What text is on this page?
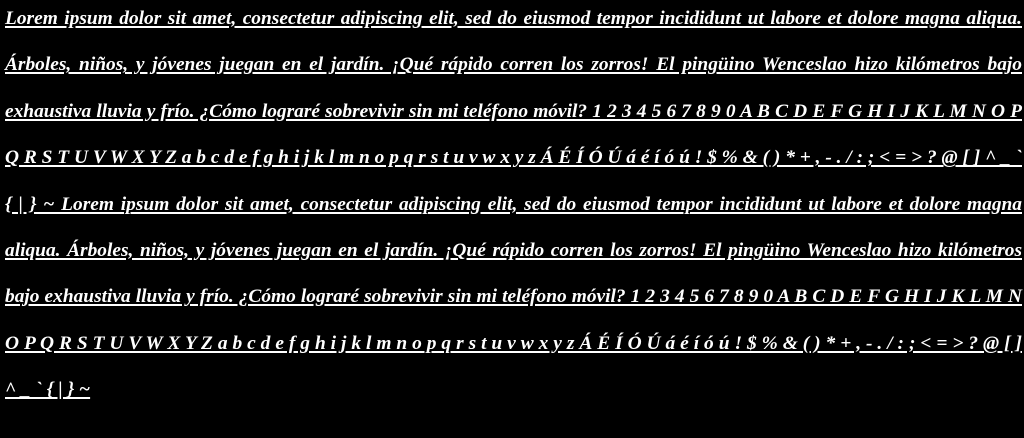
Lorem ipsum dolor sit amet, consectetur adipiscing elit, sed do eiusmod tempor incididunt ut labore et dolore magna aliqua. Árboles, niños, y jóvenes juegan en el jardín. ¡Qué rápido corren los zorros! El pingüino Wenceslao hizo kilómetros bajo exhaustiva lluvia y frío. ¿Cómo lograré sobrevivir sin mi teléfono móvil? 1 2 3 4 5 6 7 8 9 0 A B C D E F G H I J K L M N O P Q R S T U V W X Y Z a b c d e f g h i j k l m n o p q r s t u v w x y z Á É Í Ó Ú á é í ó ú ! $ % & ( ) * + , - . / : ; < = > ? @ [ ] ^ _ ` { | } ~ Lorem ipsum dolor sit amet, consectetur adipiscing elit, sed do eiusmod tempor incididunt ut labore et dolore magna aliqua. Árboles, niños, y jóvenes juegan en el jardín. ¡Qué rápido corren los zorros! El pingüino Wenceslao hizo kilómetros bajo exhaustiva lluvia y frío. ¿Cómo lograré sobrevivir sin mi teléfono móvil? 1 2 3 4 5 6 7 8 9 0 A B C D E F G H I J K L M N O P Q R S T U V W X Y Z a b c d e f g h i j k l m n o p q r s t u v w x y z Á É Í Ó Ú á é í ó ú ! $ % & ( ) * + , - . / : ; < = > ? @ [ ] ^ _ ` { | } ~
